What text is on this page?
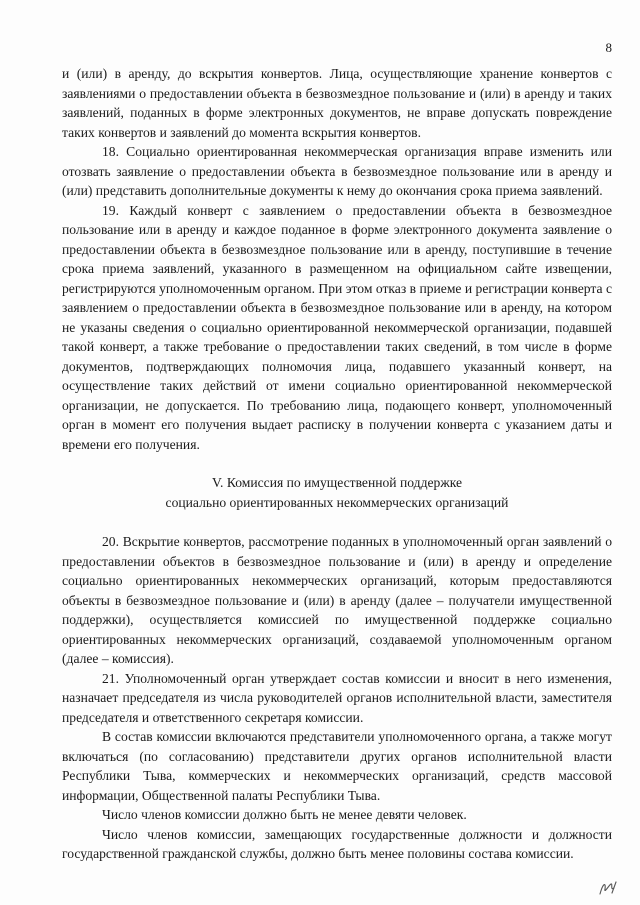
8

и (или) в аренду, до вскрытия конвертов. Лица, осуществляющие хранение конвертов с заявлениями о предоставлении объекта в безвозмездное пользование и (или) в аренду и таких заявлений, поданных в форме электронных документов, не вправе допускать повреждение таких конвертов и заявлений до момента вскрытия конвертов.

18. Социально ориентированная некоммерческая организация вправе изменить или отозвать заявление о предоставлении объекта в безвозмездное пользование или в аренду и (или) представить дополнительные документы к нему до окончания срока приема заявлений.

19. Каждый конверт с заявлением о предоставлении объекта в безвозмездное пользование или в аренду и каждое поданное в форме электронного документа заявление о предоставлении объекта в безвозмездное пользование или в аренду, поступившие в течение срока приема заявлений, указанного в размещенном на официальном сайте извещении, регистрируются уполномоченным органом. При этом отказ в приеме и регистрации конверта с заявлением о предоставлении объекта в безвозмездное пользование или в аренду, на котором не указаны сведения о социально ориентированной некоммерческой организации, подавшей такой конверт, а также требование о предоставлении таких сведений, в том числе в форме документов, подтверждающих полномочия лица, подавшего указанный конверт, на осуществление таких действий от имени социально ориентированной некоммерческой организации, не допускается. По требованию лица, подающего конверт, уполномоченный орган в момент его получения выдает расписку в получении конверта с указанием даты и времени его получения.

V. Комиссия по имущественной поддержке
социально ориентированных некоммерческих организаций

20. Вскрытие конвертов, рассмотрение поданных в уполномоченный орган заявлений о предоставлении объектов в безвозмездное пользование и (или) в аренду и определение социально ориентированных некоммерческих организаций, которым предоставляются объекты в безвозмездное пользование и (или) в аренду (далее – получатели имущественной поддержки), осуществляется комиссией по имущественной поддержке социально ориентированных некоммерческих организаций, создаваемой уполномоченным органом (далее – комиссия).

21. Уполномоченный орган утверждает состав комиссии и вносит в него изменения, назначает председателя из числа руководителей органов исполнительной власти, заместителя председателя и ответственного секретаря комиссии.

В состав комиссии включаются представители уполномоченного органа, а также могут включаться (по согласованию) представители других органов исполнительной власти Республики Тыва, коммерческих и некоммерческих организаций, средств массовой информации, Общественной палаты Республики Тыва.

Число членов комиссии должно быть не менее девяти человек.

Число членов комиссии, замещающих государственные должности и должности государственной гражданской службы, должно быть менее половины состава комиссии.
